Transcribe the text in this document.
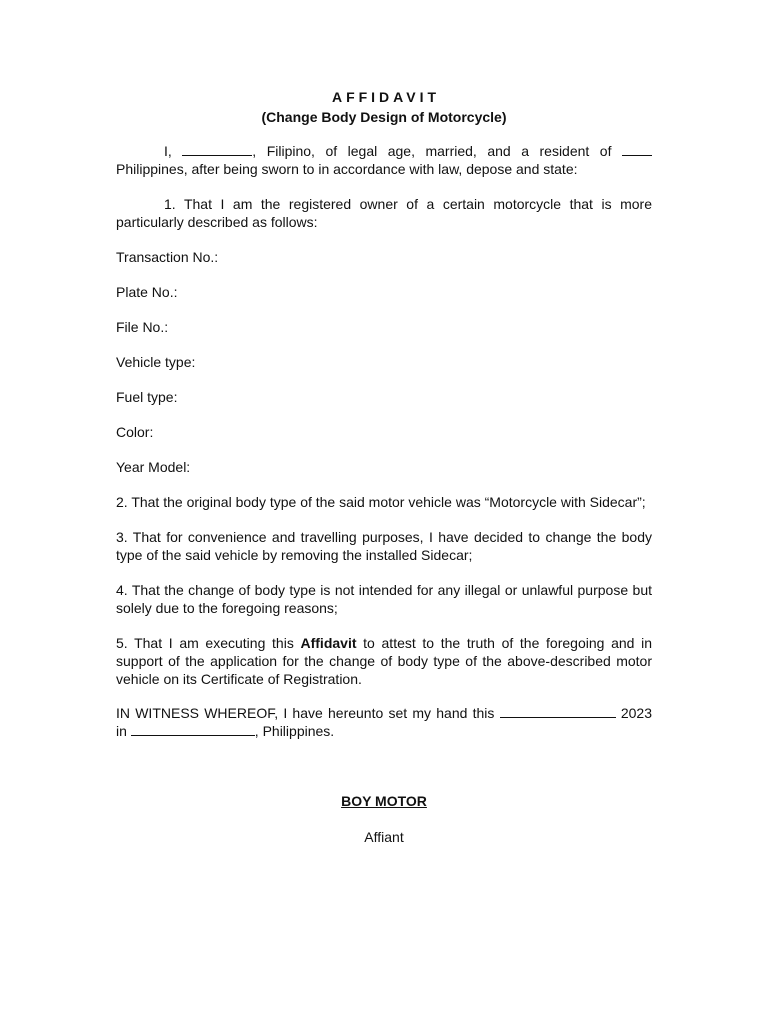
AFFIDAVIT
(Change Body Design of Motorcycle)

I,	, Filipino, of legal age, married, and a resident of  Philippines, after being sworn to in accordance with law, depose and state:

1. That I am the registered owner of a certain motorcycle that is more particularly described as follows:

Transaction No.:
Plate No.:
File No.:
Vehicle type:
Fuel type:
Color:
Year Model:

2. That the original body type of the said motor vehicle was “Motorcycle with Sidecar”;

3. That for convenience and travelling purposes, I have decided to change the body type of the said vehicle by removing the installed Sidecar;

4. That the change of body type is not intended for any illegal or unlawful purpose but solely due to the foregoing reasons;

5. That I am executing this Affidavit to attest to the truth of the foregoing and in support of the application for the change of body type of the above-described motor vehicle on its Certificate of Registration.

IN WITNESS WHEREOF, I have hereunto set my hand this	2023 in	, Philippines.

BOY MOTOR
Affiant
